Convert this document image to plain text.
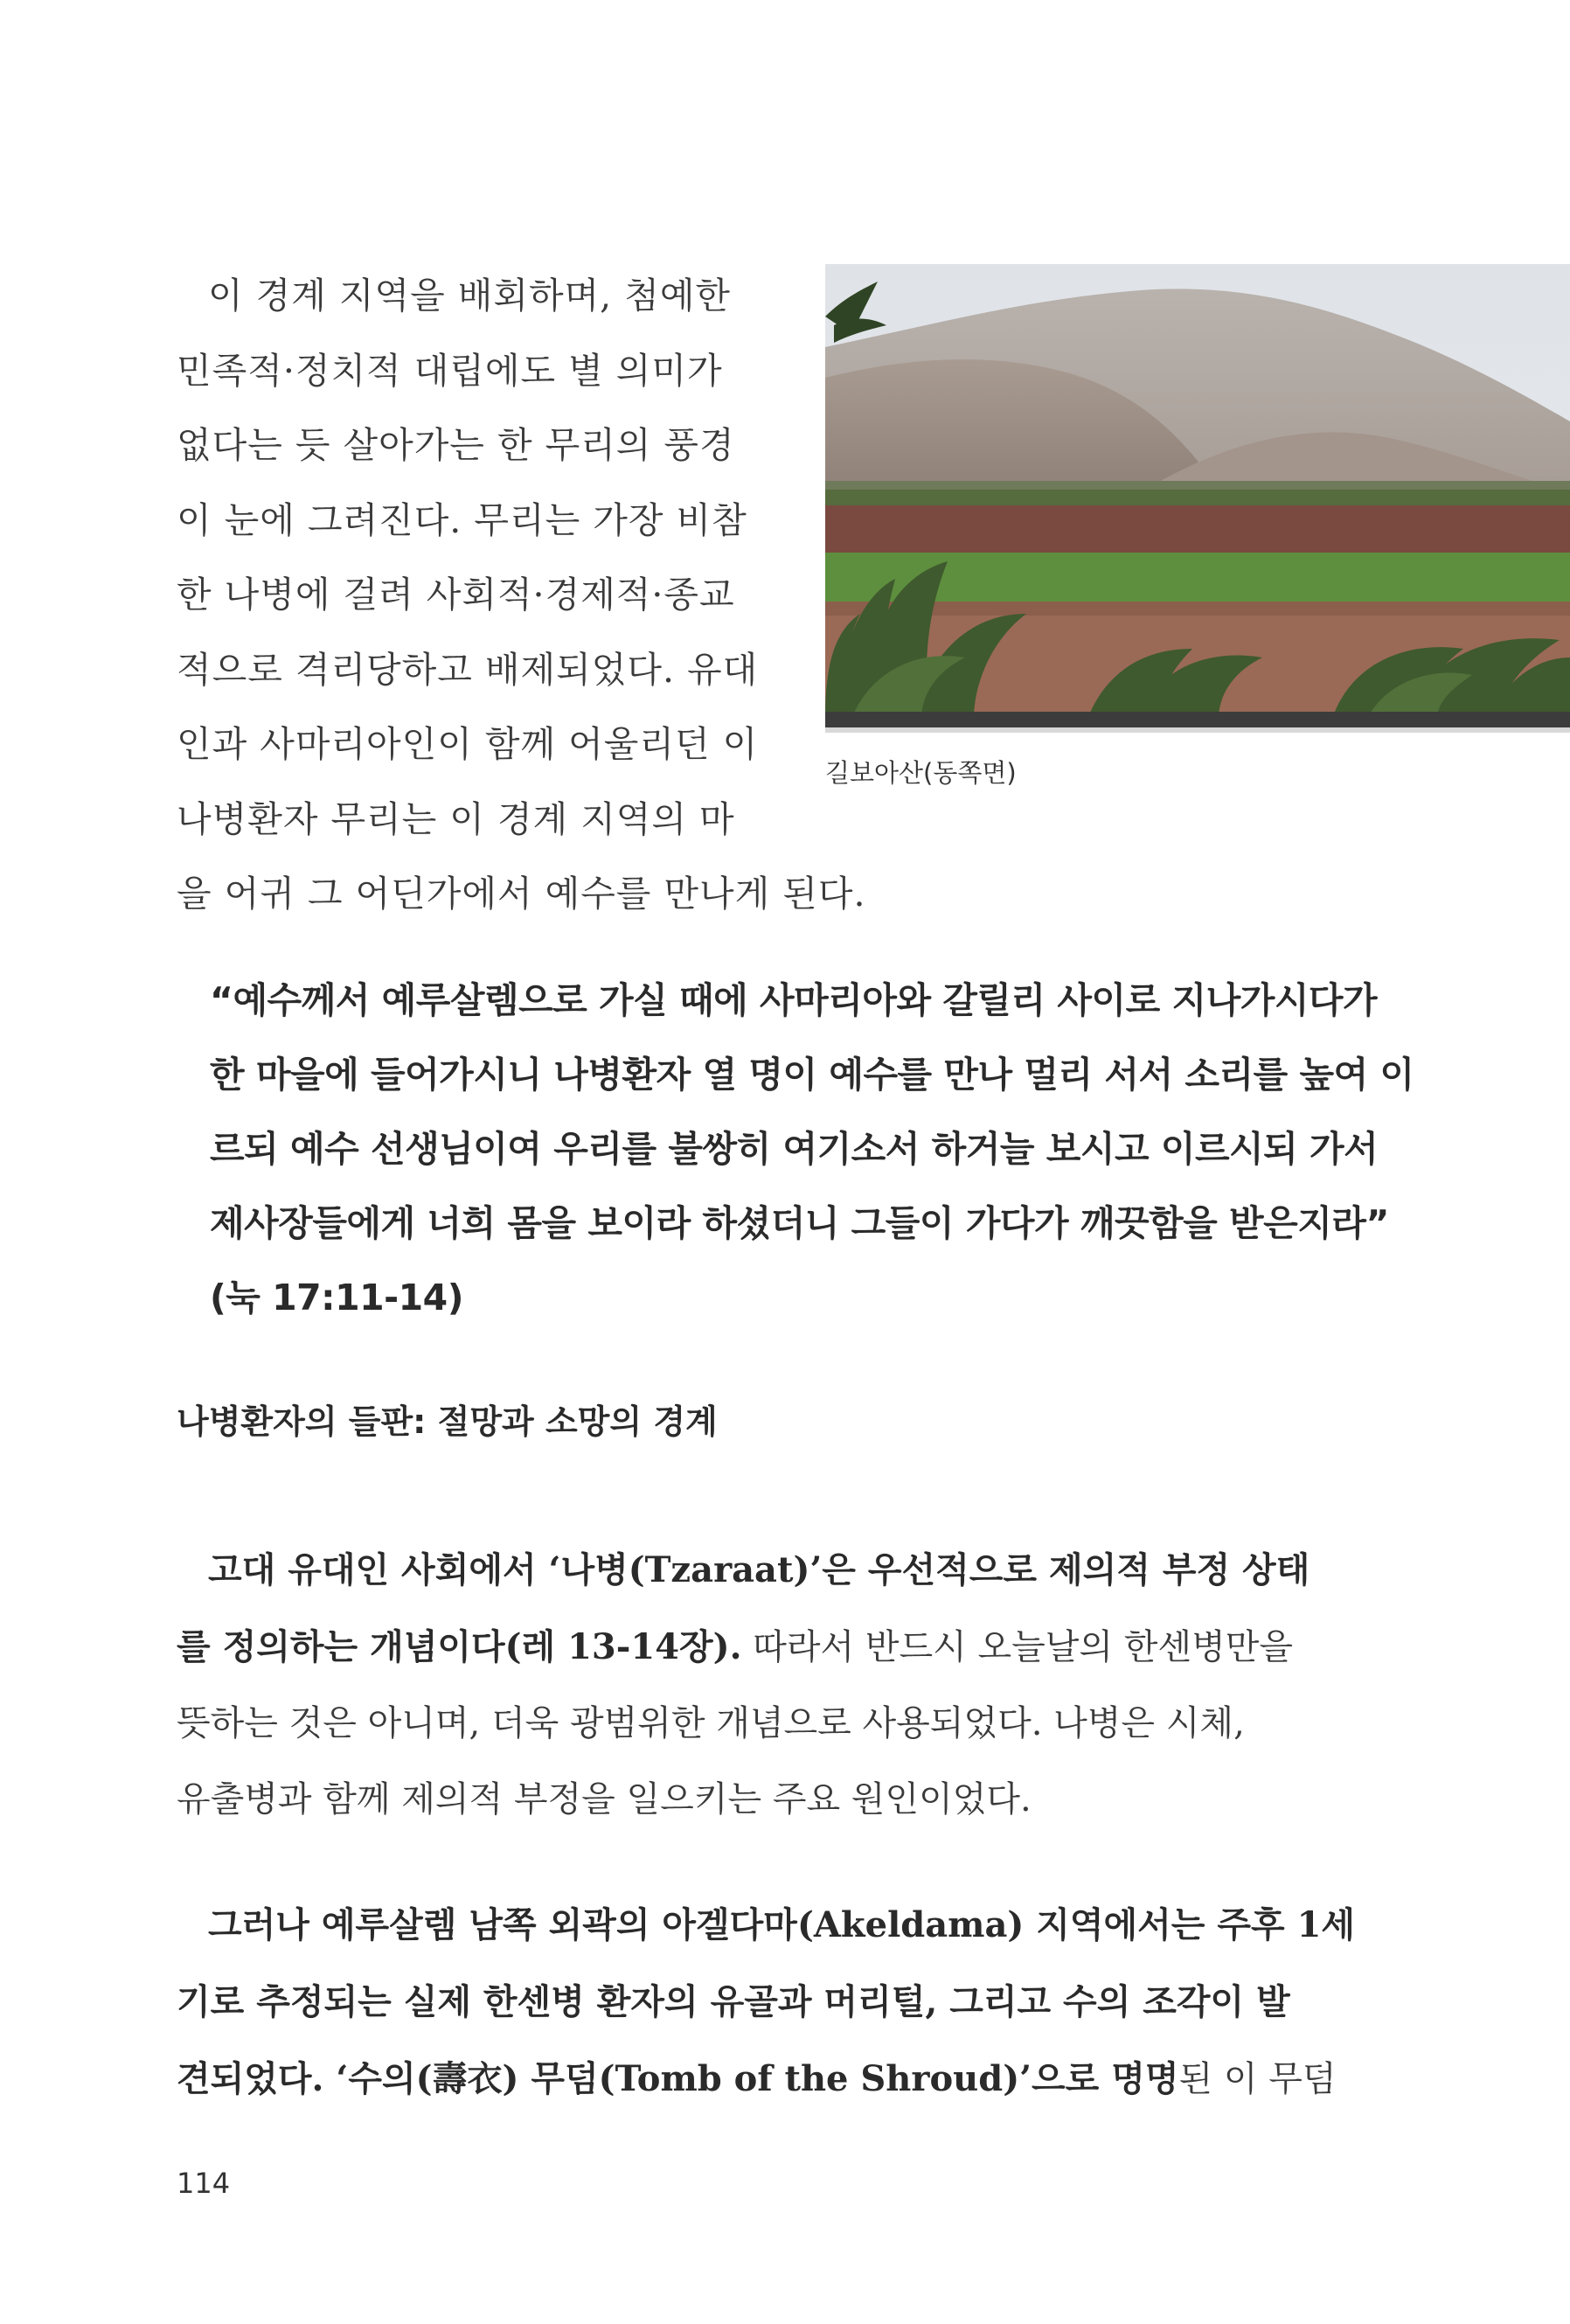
이 경계 지역을 배회하며, 첨예한
민족적·정치적 대립에도 별 의미가
없다는 듯 살아가는 한 무리의 풍경
이 눈에 그려진다. 무리는 가장 비참
한 나병에 걸려 사회적·경제적·종교
적으로 격리당하고 배제되었다. 유대
인과 사마리아인이 함께 어울리던 이
나병환자 무리는 이 경계 지역의 마
을 어귀 그 어딘가에서 예수를 만나게 된다.

길보아산(동쪽면)

“예수께서 예루살렘으로 가실 때에 사마리아와 갈릴리 사이로 지나가시다가
한 마을에 들어가시니 나병환자 열 명이 예수를 만나 멀리 서서 소리를 높여 이
르되 예수 선생님이여 우리를 불쌍히 여기소서 하거늘 보시고 이르시되 가서
제사장들에게 너희 몸을 보이라 하셨더니 그들이 가다가 깨끗함을 받은지라”
(눅 17:11-14)

나병환자의 들판: 절망과 소망의 경계

고대 유대인 사회에서 ‘나병(Tzaraat)’은 우선적으로 제의적 부정 상태
를 정의하는 개념이다(레 13-14장). 따라서 반드시 오늘날의 한센병만을
뜻하는 것은 아니며, 더욱 광범위한 개념으로 사용되었다. 나병은 시체,
유출병과 함께 제의적 부정을 일으키는 주요 원인이었다.

그러나 예루살렘 남쪽 외곽의 아겔다마(Akeldama) 지역에서는 주후 1세
기로 추정되는 실제 한센병 환자의 유골과 머리털, 그리고 수의 조각이 발
견되었다. ‘수의(壽衣) 무덤(Tomb of the Shroud)’으로 명명된 이 무덤

114
